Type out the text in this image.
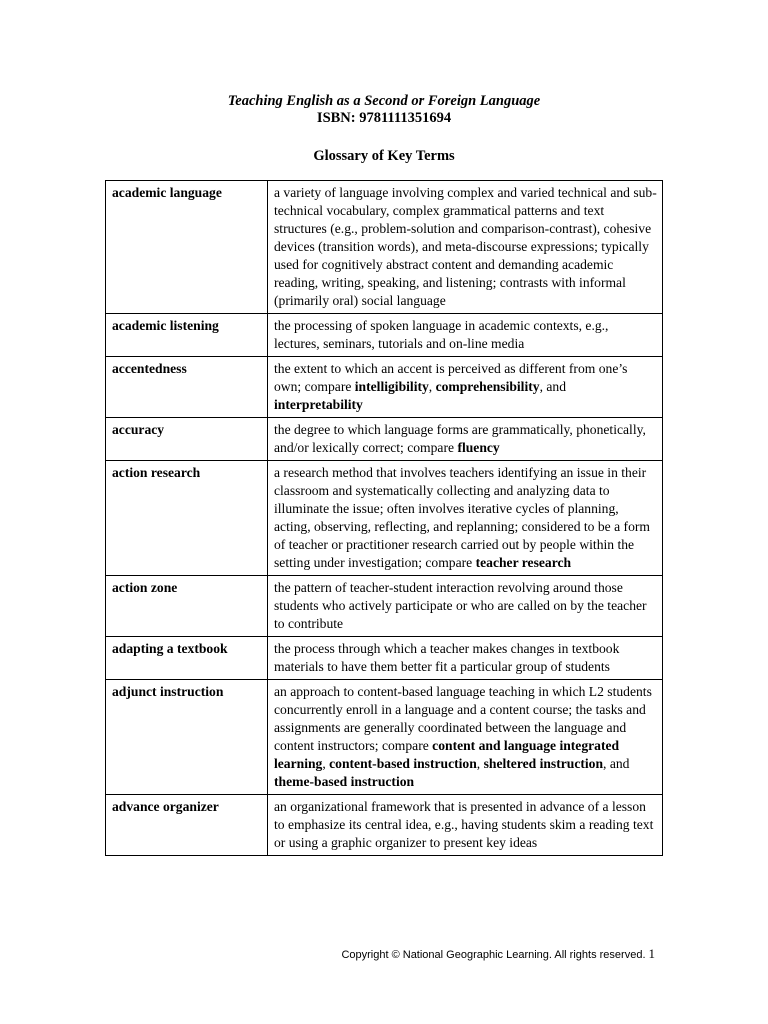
Teaching English as a Second or Foreign Language
ISBN: 9781111351694
Glossary of Key Terms
academic language	a variety of language involving complex and varied technical and sub-technical vocabulary, complex grammatical patterns and text structures (e.g., problem-solution and comparison-contrast), cohesive devices (transition words), and meta-discourse expressions; typically used for cognitively abstract content and demanding academic reading, writing, speaking, and listening; contrasts with informal (primarily oral) social language
academic listening	the processing of spoken language in academic contexts, e.g., lectures, seminars, tutorials and on-line media
accentedness	the extent to which an accent is perceived as different from one’s own; compare intelligibility, comprehensibility, and interpretability
accuracy	the degree to which language forms are grammatically, phonetically, and/or lexically correct; compare fluency
action research	a research method that involves teachers identifying an issue in their classroom and systematically collecting and analyzing data to illuminate the issue; often involves iterative cycles of planning, acting, observing, reflecting, and replanning; considered to be a form of teacher or practitioner research carried out by people within the setting under investigation; compare teacher research
action zone	the pattern of teacher-student interaction revolving around those students who actively participate or who are called on by the teacher to contribute
adapting a textbook	the process through which a teacher makes changes in textbook materials to have them better fit a particular group of students
adjunct instruction	an approach to content-based language teaching in which L2 students concurrently enroll in a language and a content course; the tasks and assignments are generally coordinated between the language and content instructors; compare content and language integrated learning, content-based instruction, sheltered instruction, and theme-based instruction
advance organizer	an organizational framework that is presented in advance of a lesson to emphasize its central idea, e.g., having students skim a reading text or using a graphic organizer to present key ideas
Copyright © National Geographic Learning. All rights reserved. 1
